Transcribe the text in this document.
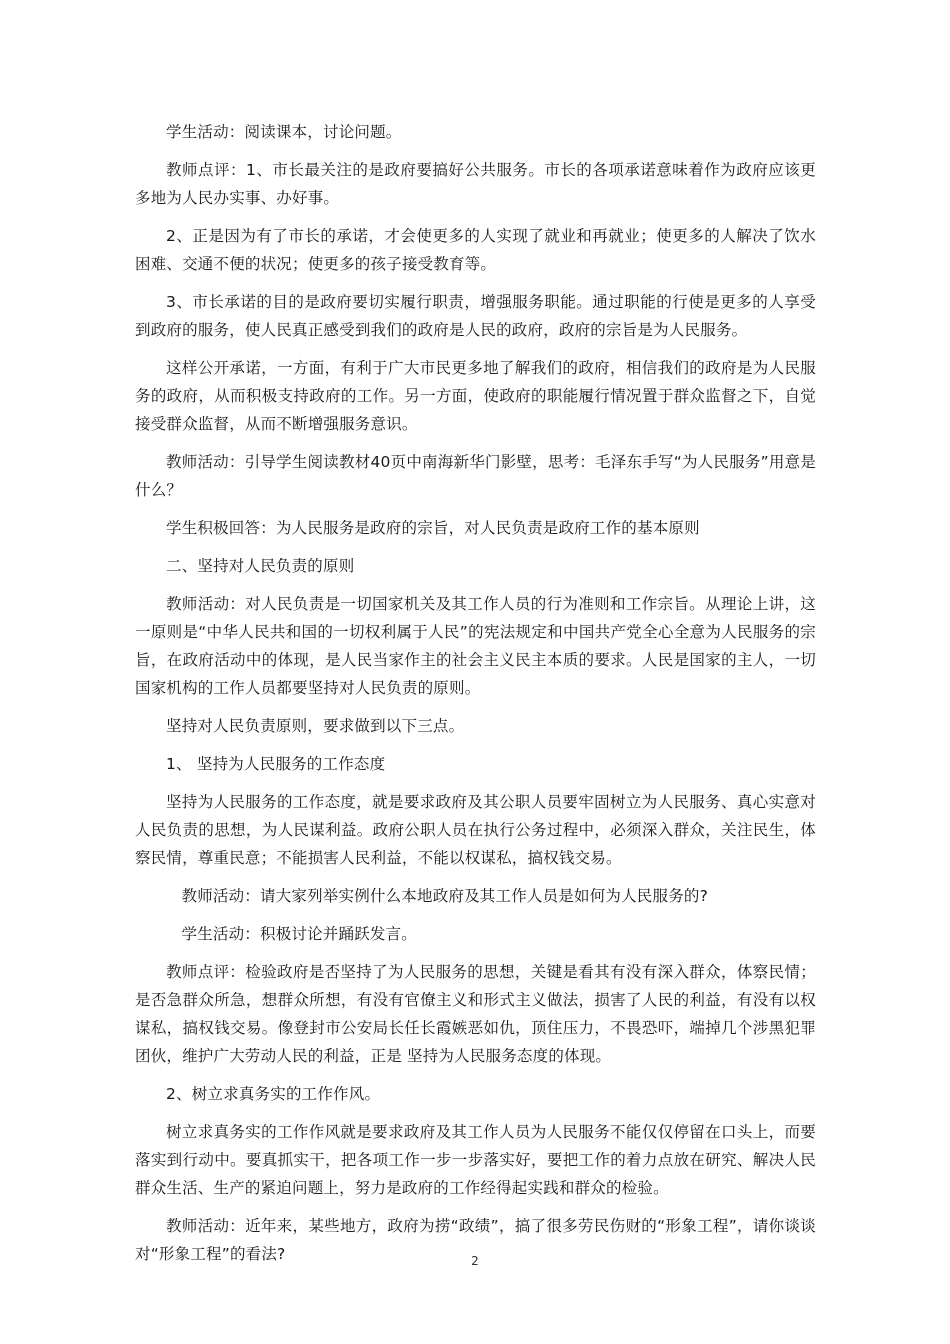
学生活动：阅读课本，讨论问题。

教师点评：1、市长最关注的是政府要搞好公共服务。市长的各项承诺意味着作为政府应该更多地为人民办实事、办好事。

2、正是因为有了市长的承诺，才会使更多的人实现了就业和再就业；使更多的人解决了饮水困难、交通不便的状况；使更多的孩子接受教育等。

3、市长承诺的目的是政府要切实履行职责，增强服务职能。通过职能的行使是更多的人享受到政府的服务，使人民真正感受到我们的政府是人民的政府，政府的宗旨是为人民服务。

这样公开承诺，一方面，有利于广大市民更多地了解我们的政府，相信我们的政府是为人民服务的政府，从而积极支持政府的工作。另一方面，使政府的职能履行情况置于群众监督之下，自觉接受群众监督，从而不断增强服务意识。

教师活动：引导学生阅读教材40页中南海新华门影壁，思考：毛泽东手写“为人民服务”用意是什么？

学生积极回答：为人民服务是政府的宗旨，对人民负责是政府工作的基本原则

二、坚持对人民负责的原则

教师活动：对人民负责是一切国家机关及其工作人员的行为准则和工作宗旨。从理论上讲，这一原则是“中华人民共和国的一切权利属于人民”的宪法规定和中国共产党全心全意为人民服务的宗旨，在政府活动中的体现，是人民当家作主的社会主义民主本质的要求。人民是国家的主人，一切国家机构的工作人员都要坚持对人民负责的原则。

坚持对人民负责原则，要求做到以下三点。

1、 坚持为人民服务的工作态度

坚持为人民服务的工作态度，就是要求政府及其公职人员要牢固树立为人民服务、真心实意对人民负责的思想，为人民谋利益。政府公职人员在执行公务过程中，必须深入群众，关注民生，体察民情，尊重民意；不能损害人民利益，不能以权谋私，搞权钱交易。

教师活动：请大家列举实例什么本地政府及其工作人员是如何为人民服务的?

学生活动：积极讨论并踊跃发言。

教师点评：检验政府是否坚持了为人民服务的思想，关键是看其有没有深入群众，体察民情；是否急群众所急，想群众所想，有没有官僚主义和形式主义做法，损害了人民的利益，有没有以权谋私，搞权钱交易。像登封市公安局长任长霞嫉恶如仇，顶住压力，不畏恐吓，端掉几个涉黑犯罪团伙，维护广大劳动人民的利益，正是 坚持为人民服务态度的体现。

2、树立求真务实的工作作风。

树立求真务实的工作作风就是要求政府及其工作人员为人民服务不能仅仅停留在口头上，而要落实到行动中。要真抓实干，把各项工作一步一步落实好，要把工作的着力点放在研究、解决人民群众生活、生产的紧迫问题上，努力是政府的工作经得起实践和群众的检验。

教师活动：近年来，某些地方，政府为捞“政绩”，搞了很多劳民伤财的“形象工程”，请你谈谈对“形象工程”的看法?	2
